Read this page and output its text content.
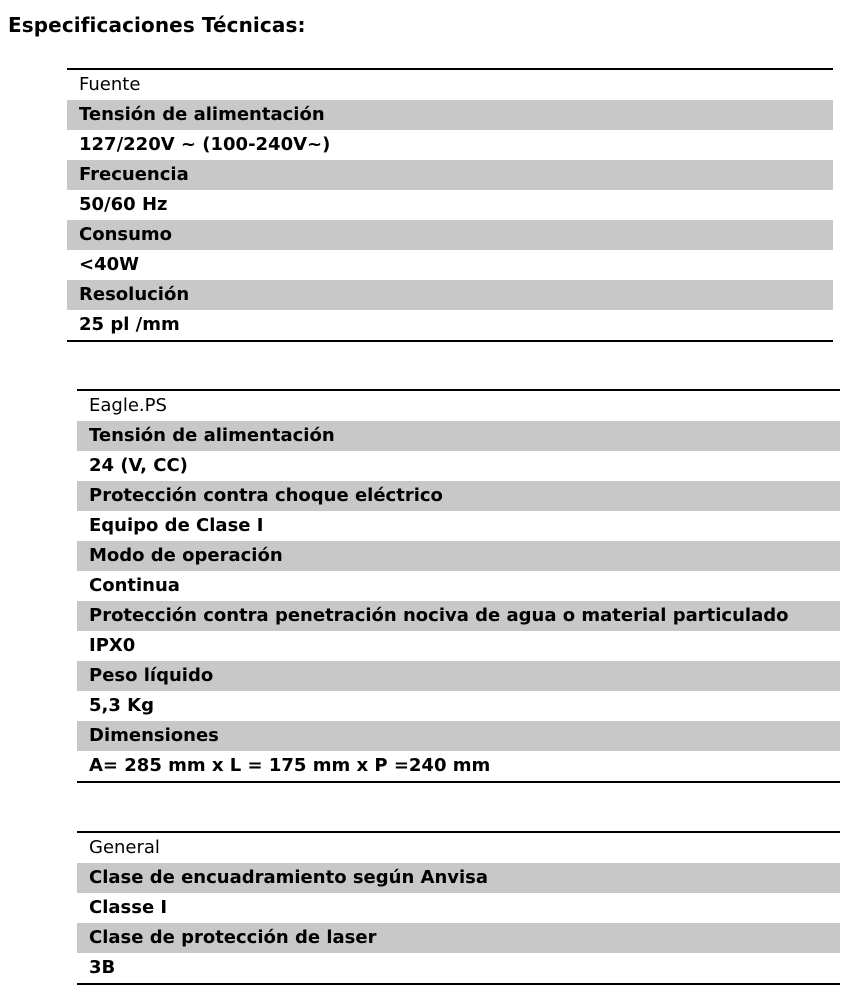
Especificaciones Técnicas:
Fuente
Tensión de alimentación
127/220V ~ (100-240V~)
Frecuencia
50/60 Hz
Consumo
<40W
Resolución
25 pl /mm
Eagle.PS
Tensión de alimentación
24 (V, CC)
Protección contra choque eléctrico
Equipo de Clase I
Modo de operación
Continua
Protección contra penetración nociva de agua o material particulado
IPX0
Peso líquido
5,3 Kg
Dimensiones
A= 285 mm x L = 175 mm x P =240 mm
General
Clase de encuadramiento según Anvisa
Classe I
Clase de protección de laser
3B
